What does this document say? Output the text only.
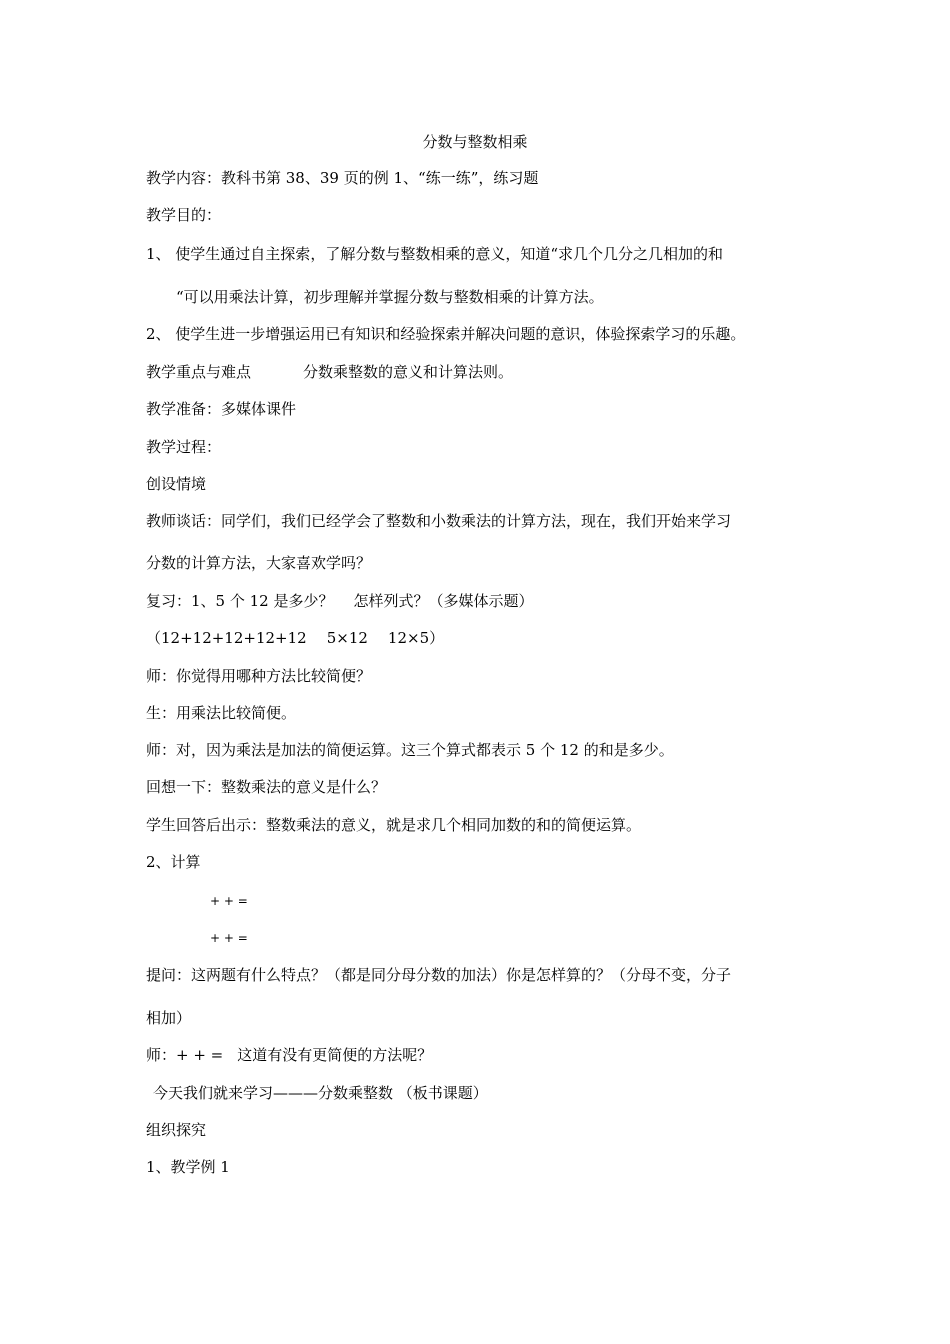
分数与整数相乘
教学内容：教科书第 38、39 页的例 1、“练一练”，练习题
教学目的：
1、 使学生通过自主探索，了解分数与整数相乘的意义，知道“求几个几分之几相加的和
“可以用乘法计算，初步理解并掌握分数与整数相乘的计算方法。
2、 使学生进一步增强运用已有知识和经验探索并解决问题的意识，体验探索学习的乐趣。
教学重点与难点	分数乘整数的意义和计算法则。
教学准备：多媒体课件
教学过程：
创设情境
教师谈话：同学们，我们已经学会了整数和小数乘法的计算方法，现在，我们开始来学习
分数的计算方法，大家喜欢学吗？
复习：1、5 个 12 是多少？ 怎样列式？（多媒体示题）
（12+12+12+12+12 5×12 12×5）
师：你觉得用哪种方法比较简便？
生：用乘法比较简便。
师：对，因为乘法是加法的简便运算。这三个算式都表示 5 个 12 的和是多少。
回想一下：整数乘法的意义是什么？
学生回答后出示：整数乘法的意义，就是求几个相同加数的和的简便运算。
2、计算
+ + =
+ + =
提问：这两题有什么特点？（都是同分母分数的加法）你是怎样算的？（分母不变，分子
相加）
师：+ + = 这道有没有更简便的方法呢？
今天我们就来学习———分数乘整数 （板书课题）
组织探究
1、教学例 1
